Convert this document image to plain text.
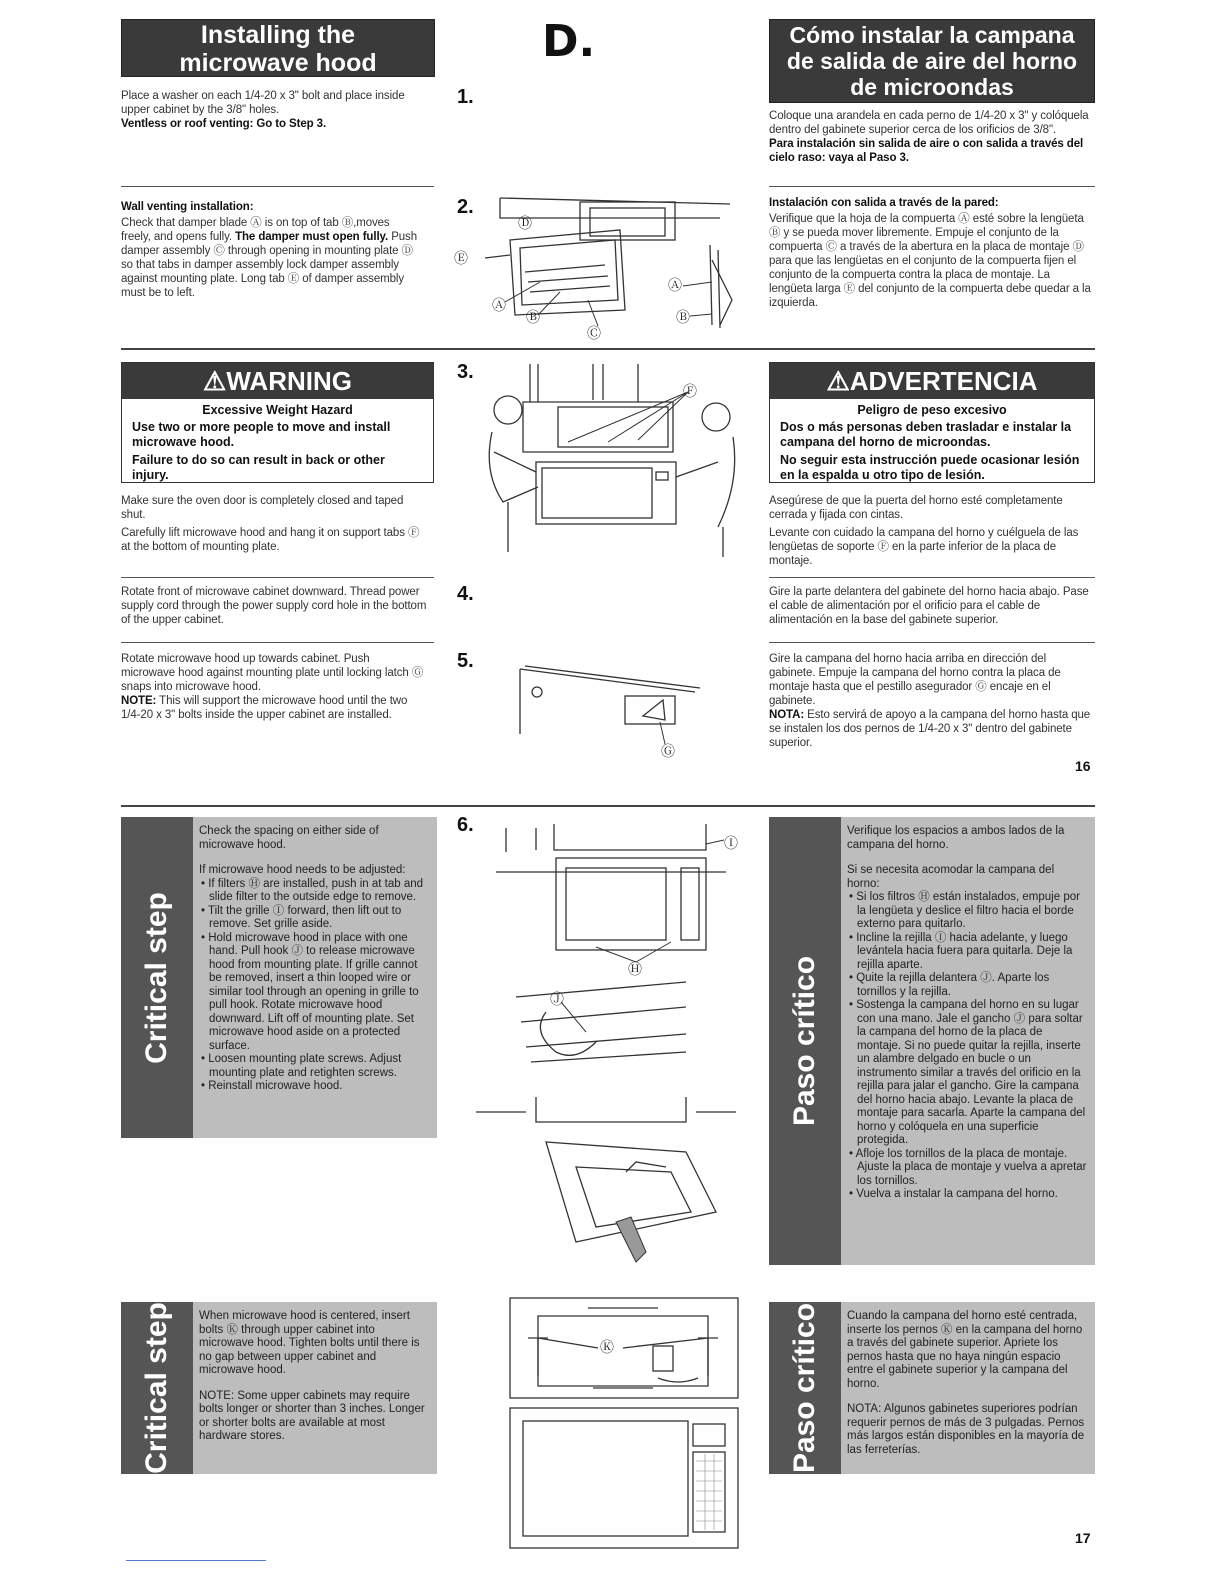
Installing the
microwave hood	D.	Cómo instalar la campana
de salida de aire del horno
de microondas
Place a washer on each 1/4-20 x 3" bolt and place inside upper cabinet by the 3/8" holes.
Ventless or roof venting: Go to Step 3.
1.
Coloque una arandela en cada perno de 1/4-20 x 3" y colóquela dentro del gabinete superior cerca de los orificios de 3/8".
Para instalación sin salida de aire o con salida a través del cielo raso: vaya al Paso 3.
Wall venting installation:
Check that damper blade Ⓐ is on top of tab Ⓑ,moves freely, and opens fully. The damper must open fully. Push damper assembly Ⓒ through opening in mounting plate Ⓓ so that tabs in damper assembly lock damper assembly against mounting plate. Long tab Ⓔ of damper assembly must be to left.
2.
Ⓓ
Ⓔ
Ⓐ
Ⓑ
Ⓒ
Ⓐ
Ⓑ
Instalación con salida a través de la pared:
Verifique que la hoja de la compuerta Ⓐ esté sobre la lengüeta Ⓑ y se pueda mover libremente. Empuje el conjunto de la compuerta Ⓒ a través de la abertura en la placa de montaje Ⓓ para que las lengüetas en el conjunto de la compuerta fijen el conjunto de la compuerta contra la placa de montaje. La lengüeta larga Ⓔ del conjunto de la compuerta debe quedar a la izquierda.
⚠WARNING
Excessive Weight Hazard
Use two or more people to move and install microwave hood.
Failure to do so can result in back or other injury.
Make sure the oven door is completely closed and taped shut.
Carefully lift microwave hood and hang it on support tabs Ⓕ at the bottom of mounting plate.
3.
Ⓕ	⚠ADVERTENCIA
Peligro de peso excesivo
Dos o más personas deben trasladar e instalar la campana del horno de microondas.
No seguir esta instrucción puede ocasionar lesión en la espalda u otro tipo de lesión.
Asegúrese de que la puerta del horno esté completamente cerrada y fijada con cintas.
Levante con cuidado la campana del horno y cuélguela de las lengüetas de soporte Ⓕ en la parte inferior de la placa de montaje.
Rotate front of microwave cabinet downward. Thread power supply cord through the power supply cord hole in the bottom of the upper cabinet.
4.	Gire la parte delantera del gabinete del horno hacia abajo. Pase el cable de alimentación por el orificio para el cable de alimentación en la base del gabinete superior.
Rotate microwave hood up towards cabinet. Push microwave hood against mounting plate until locking latch Ⓖ snaps into microwave hood.
NOTE: This will support the microwave hood until the two 1/4-20 x 3" bolts inside the upper cabinet are installed.
5.
Ⓖ
Gire la campana del horno hacia arriba en dirección del gabinete. Empuje la campana del horno contra la placa de montaje hasta que el pestillo asegurador Ⓖ encaje en el gabinete.
NOTA: Esto servirá de apoyo a la campana del horno hasta que se instalen los dos pernos de 1/4-20 x 3" dentro del gabinete superior.
16
6.
Critical step

Check the spacing on either side of microwave hood.

If microwave hood needs to be adjusted:
• If filters Ⓗ are installed, push in at tab and slide filter to the outside edge to remove.
• Tilt the grille Ⓘ forward, then lift out to remove. Set grille aside.
• Hold microwave hood in place with one hand. Pull hook Ⓙ to release microwave hood from mounting plate. If grille cannot be removed, insert a thin looped wire or similar tool through an opening in grille to pull hook. Rotate microwave hood downward. Lift off of mounting plate. Set microwave hood aside on a protected surface.
• Loosen mounting plate screws. Adjust mounting plate and retighten screws.
• Reinstall microwave hood.
Ⓘ
Ⓗ
Ⓙ	Paso crítico

Verifique los espacios a ambos lados de la campana del horno.

Si se necesita acomodar la campana del horno:
• Si los filtros Ⓗ están instalados, empuje por la lengüeta y deslice el filtro hacia el borde externo para quitarlo.
• Incline la rejilla Ⓘ hacia adelante, y luego levántela hacia fuera para quitarla. Deje la rejilla aparte.
• Quite la rejilla delantera Ⓙ. Aparte los tornillos y la rejilla.
• Sostenga la campana del horno en su lugar con una mano. Jale el gancho Ⓙ para soltar la campana del horno de la placa de montaje. Si no puede quitar la rejilla, inserte un alambre delgado en bucle o un instrumento similar a través del orificio en la rejilla para jalar el gancho. Gire la campana del horno hacia abajo. Levante la placa de montaje para sacarla. Aparte la campana del horno y colóquela en una superficie protegida.
• Afloje los tornillos de la placa de montaje. Ajuste la placa de montaje y vuelva a apretar los tornillos.
• Vuelva a instalar la campana del horno.
Critical step When microwave hood is centered, insert bolts Ⓚ through upper cabinet into microwave hood. Tighten bolts until there is no gap between upper cabinet and microwave hood.

NOTE: Some upper cabinets may require bolts longer or shorter than 3 inches. Longer or shorter bolts are available at most hardware stores.

Ⓚ	Paso crítico Cuando la campana del horno esté centrada, inserte los pernos Ⓚ en la campana del horno a través del gabinete superior. Apriete los pernos hasta que no haya ningún espacio entre el gabinete superior y la campana del horno.

NOTA: Algunos gabinetes superiores podrían requerir pernos de más de 3 pulgadas. Pernos más largos están disponibles en la mayoría de las ferreterías.

17
